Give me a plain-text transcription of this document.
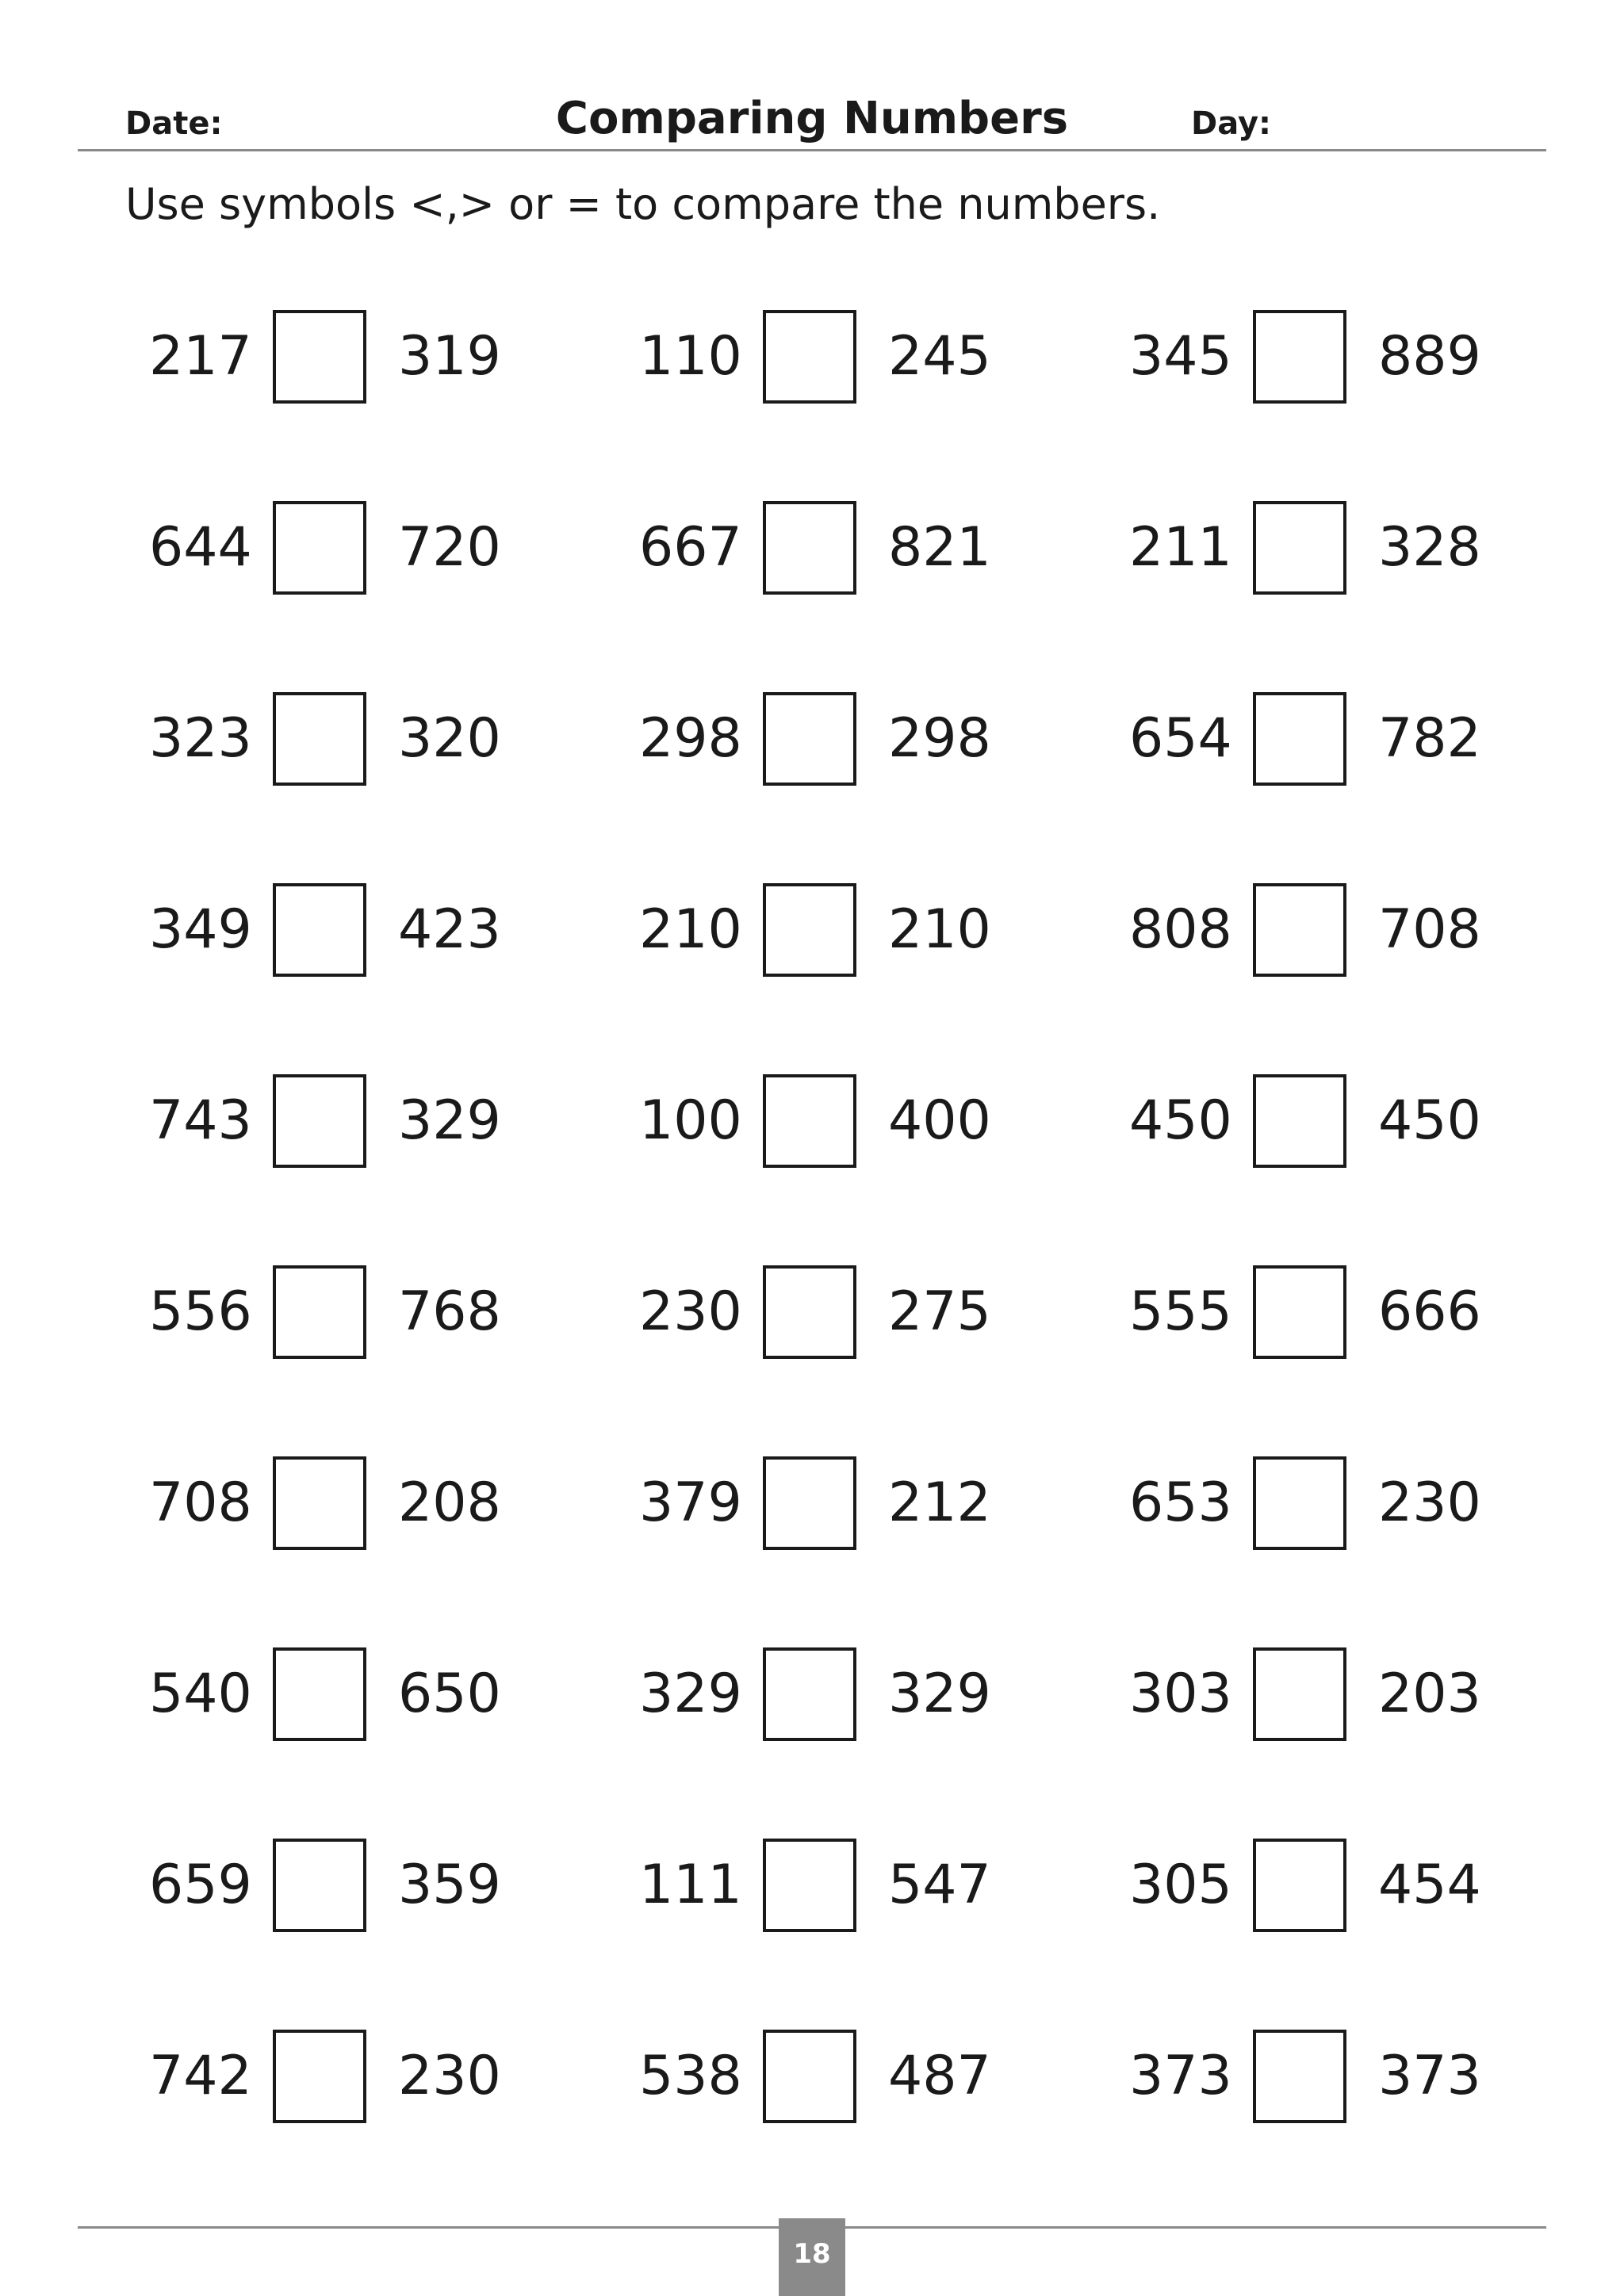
Date:	Comparing Numbers	Day:
Use symbols <,> or = to compare the numbers.
217	319	110	245	345	889
644	720	667	821	211	328
323	320	298	298	654	782
349	423	210	210	808	708
743	329	100	400	450	450
556	768	230	275	555	666
708	208	379	212	653	230
540	650	329	329	303	203
659	359	111	547	305	454
742	230	538	487	373	373
18
